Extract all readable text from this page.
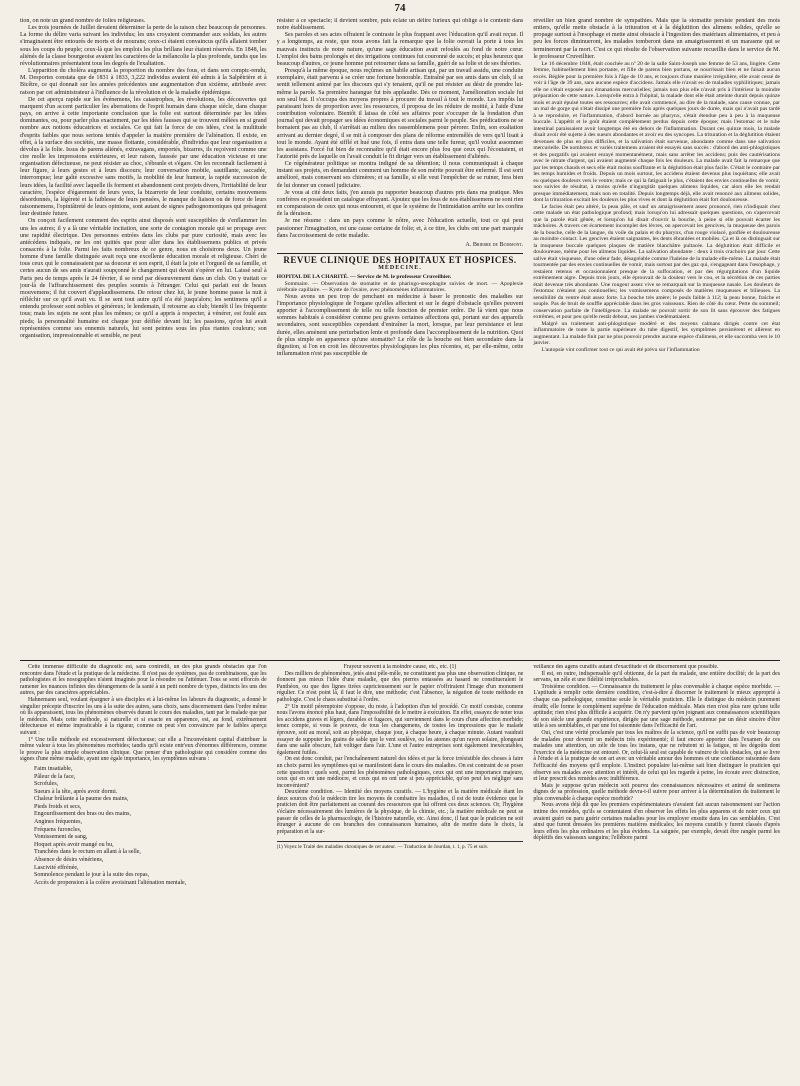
74

tion, on note un grand nombre de folies religieuses.

Les trois journées de Juillet devaient déterminer la perte de la raison chez beaucoup de personnes. La forme du délire varia suivant les individus; les uns croyaient commander aux soldats, les autres s'imaginaient être entourés de morts et de mourans; ceux-ci étaient convaincus qu'ils allaient tomber sous les coups du peuple; ceux-là que les emplois les plus brillans leur étaient réservés. En 1848, les aliénés de la classe bourgeoise avaient les caractères de la mélancolie la plus profonde, tandis que les révolutionnaires présentaient tous les degrés de l'exaltation.

L'apparition du choléra augmenta la proportion du nombre des fous, et dans son comptc-rendu, M. Desportes constata que de 1831 à 1833, 3,222 individus avaient été admis à la Salpêtrière et à Bicêtre, ce qui donnait sur les années précédentes une augmentation d'un sixième, attribuée avec raison par cet administrateur à l'influence de la révolution et de la maladie épidémique.

De cet aperçu rapide sur les événemens, les catastrophes, les révolutions, les découvertes qui marquent d'un accent particulier les aberrations de l'esprit humain dans chaque siècle, dans chaque pays, on arrive à cette importante conclusion que la folie est surtout déterminée par les idées dominantes, ou, pour parler plus exactement, par les idées fausses qui se trouvent mêlées en si grand nombre aux notions éducatrices et sociales. Ce qui fait la force de ces idées, c'est la multitude d'esprits faibles que nous serions tentés d'appeler la matière première de l'aliénation. Il existe, en effet, à la surface des sociétés, une masse flottante, considérable, d'individus que leur organisation a dévolus à la folie. Issus de parens aliénés, extravagans, emportés, bizarres, ils reçoivent comme une cire molle les impressions extérieures, et leur raison, faussée par une éducation vicieuse et une organisation défectueuse, ne peut résister au choc, s'ébranle et s'égare. On les reconnaît facilement à leur figure, à leurs gestes et à leurs discours; leur conversation mobile, sautillante, saccadée, interrompue; leur gaîté excessive sans motifs, la mobilité de leur humeur, la rapide succession de leurs idées, la facilité avec laquelle ils forment et abandonnent cent projets divers, l'irritabilité de leur caractère, l'espèce d'égarement de leurs yeux, la bizarrerie de leur conduite, certains mouvemens désordonnés, la légèreté et la faiblesse de leurs pensées, le manque de liaison ou de force de leurs raisonnemens, l'opiniâtreté de leurs opinions, sont autant de signes pathognomoniques qui présagent leur destinée future.

On conçoit facilement comment des esprits ainsi disposés sont susceptibles de s'enflammer les uns les autres; il y a là une véritable incitation, une sorte de contagion morale qui se propage avec une rapidité électrique. Des personnes entrées dans les clubs par pure curiosité, mais avec les antécédens indiqués, ne les ont quittés que pour aller dans les établissemens publics et privés consacrés à la folie. Parmi les faits nombreux de ce genre, nous en choisirons deux. Un jeune homme d'une famille distinguée avait reçu une excellente éducation morale et religieuse. Chéri de tous ceux qui le connaissaient par sa douceur et son esprit, il était la joie et l'orgueil de sa famille, et certes aucun de ses amis n'aurait soupçonné le changement qui devait s'opérer en lui. Laissé seul à Paris peu de temps après le 24 février, il se rend par désœuvrement dans un club. On y traitait ce jour-là de l'affranchissement des peuples soumis à l'étranger. Celui qui parlait eut de beaux mouvemens; il fut couvert d'applaudissemens. De retour chez lui, le jeune homme passe la nuit à réfléchir sur ce qu'il avait vu. Il se sent tout autre qu'il n'a été jusqu'alors; les sentimens qu'il a entendu professer sont nobles et généreux; le lendemain, il retourne au club; bientôt il les fréquente tous; mais les sujets ne sont plus les mêmes; ce qu'il a appris à respecter, à vénérer, est foulé aux pieds; la personnalité humaine est chaque jour déifiée devant lui; les passions, qu'on lui avait représentées comme ses ennemis naturels, lui sont peintes sous les plus riantes couleurs; son organisation, impressionnable et sensible, ne peut

résister à ce spectacle; il devient sombre, puis éclate un délire furieux qui oblige à le contenir dans notre établissement.

Ses paroles et ses actes offraient le contraste le plus frappant avec l'éducation qu'il avait reçue. Il y a longtemps, au reste, que nous avons fait la remarque que la folie ouvrait la porte à tous les mauvais instincts de notre nature, qu'une sage éducation avait refoulés au fond de notre cœur. L'emploi des bains prolongés et des irrigations continues fut couronné de succès; et plus heureux que beaucoup d'autres, ce jeune homme put retourner dans sa famille, guéri de sa folie et de ses théories.

Presqu'à la même époque, nous reçûmes un habile artisan qui, par un travail assidu, une conduite exemplaire, était parvenu à se créer une fortune honorable. Entraîné par ses amis dans un club, il se sentit tellement animé par les discours qui s'y tenaient, qu'il ne put résister au désir de prendre lui-même la parole. Sa première harangue fut très applaudie. Dès ce moment, l'amélioration sociale fut son seul but. Il s'occupa des moyens propres à procurer du travail à tout le monde. Les impôts lui paraissant hors de proportion avec les ressources, il proposa de les réduire de moitié, à l'aide d'une contribution volontaire. Bientôt il laissa de côté ses affaires pour s'occuper de la fondation d'un journal qui devait propager ses idées économiques et sociales parmi le peuple. Ses prédications ne se bornaient pas au club, il s'arrêtait au milieu des rassemblemens pour pérorer. Enfin, son exaltation arrivant au dernier degré, il se mit à composer des plans de réforme entremêlés de vers qu'il lisait à tout le monde. Ayant été sifflé et hué une fois, il entra dans une telle fureur, qu'il voulut assommer les assistans. Forcé fut bien de reconnaître qu'il était encore plus fou que ceux qui l'écoutaient, et l'autorité près de laquelle on l'avait conduit le fit diriger vers un établissement d'aliénés.

Ce régénérateur politique se montra indigné de sa détention; il nous communiquait à chaque instant ses projets, en demandant comment un homme de son mérite pouvait être enfermé. Il est sorti amélioré, mais conservant ses chimères; et sa famille, si elle veut l'empêcher de se ruiner, fera bien de lui donner un conseil judiciaire.

Je vous ai cité deux faits, j'en aurais pu rapporter beaucoup d'autres pris dans ma pratique. Mes confrères en possèdent un catalogue effrayant. Ajoutez que les fous de nos établissemens ne sont rien en comparaison de ceux qui nous entourent, et que le système de l'intimidation arrête sur les confins de la déraison.

Je me résume : dans un pays comme le nôtre, avec l'éducation actuelle, tout ce qui peut passionner l'imagination, est une cause certaine de folie; et, à ce titre, les clubs ont une part marquée dans l'accroissement de cette maladie.

A. Brierre de Boismont.

REVUE CLINIQUE DES HOPITAUX ET HOSPICES.
MÉDECINE.

HOPITAL DE LA CHARITÉ. — Service de M. le professeur Cruveilhier.

Sommaire. — Observation de stomatite et de pharingo-œsophagite suivies de mort. — Apoplexie cérébrale capillaire. — Kyste de l'ovaire, avec phénomènes inflammatoires.

Nous avons un peu trop de penchant en médecine à baser le pronostic des maladies sur l'importance physiologique de l'organe qu'elles affectent et sur le degré d'obstacle qu'elles peuvent apporter à l'accomplissement de telle ou telle fonction de premier ordre. De là vient que nous sommes habitués à considérer comme peu graves certaines affections qui, portant sur des appareils secondaires, sont susceptibles cependant d'entraîner la mort, lorsque, par leur persistance et leur durée, elles amènent une perturbation lente et profonde dans l'accomplissement de la nutrition. Quoi de plus simple en apparence qu'une stomatite? Le rôle de la bouche est bien secondaire dans la digestion, si l'on en croit les découvertes physiologiques les plus récentes, et, par elle-même, cette inflammation n'est pas susceptible de

réveiller un bien grand nombre de sympathies. Mais que la stomatite persiste pendant des mois entiers, qu'elle mette obstacle à la trituration et à la déglutition des alimens solides, qu'elle se propage surtout à l'œsophage et mette ainsi obstacle à l'ingestion des matériaux alimentaires, et peu à peu les forces diminueront, les malades tomberont dans un amaigrissement et un marasme qui se termineront par la mort. C'est ce qui résulte de l'observation suivante recueillie dans le service de M. le professeur Cruveilhier.

Le 16 décembre 1848, était couchée au nº 20 de la salle Saint-Joseph une femme de 53 ans, lingère. Cette femme, habituellement bien portante, et fille de parens bien portans, se nourrissait bien et ne faisait aucun excès. Réglée pour la première fois à l'âge de 10 ans, et toujours d'une manière irrégulière, elle avait cessé de voir à l'âge de 39 ans, sans aucune espèce d'accidens. Jamais elle n'avait eu de maladies syphilitiques; jamais elle ne s'était exposée aux émanations mercurielles; jamais non plus elle n'avait pris à l'intérieur la moindre préparation de cette nature. Lorsqu'elle entra à l'hôpital, la malade dont elle était atteinte durait depuis quinze mois et avait épuisé toutes ses ressources; elle avait commencé, au dire de la malade, sans cause connue, par un mal de gorge qui s'était dissipé une première fois après quelques jours de durée, mais qui n'avait pas tardé à se reproduire, et l'inflammation, d'abord bornée au pharynx, s'était étendue peu à peu à la muqueuse buccale. L'appétit et le goût étaient complètement perdus depuis cette époque; mais l'estomac et le tube intestinal paraissaient avoir longtemps été en dehors de l'inflammation. Durant ces quinze mois, la malade disait avoir été sujette à des sueurs abondantes et avoir eu des syncopes. La trituration et la déglutition étaient devenues de plus en plus difficiles, et la salivation était survenue, abondante comme dans une salivation mercurielle. De nombreux et variés traitemens avaient été essayés sans succès : d'abord des anti-phlogistiques et des purgatifs qui avaient enrayé momentanément, mais sans arrêter les accidens; puis des cautérisations avec le nitrate d'argent, qui avaient augmenté chaque fois les douleurs. La malade avait fait la remarque que par les temps chauds et secs elle était moins souffrante et la déglutition était plus facile. C'était le contraire par les temps humides et froids. Depuis un mois surtout, les accidens étaient devenus plus inquiétans; elle avait eu quelques douleurs vers le ventre; mais ce qui la fatiguait le plus, c'étaient des envies continuelles de vomir, non suivies de résultat, à moins qu'elle n'ingurgitât quelques alimens liquides, car alors elle les rendait presque immédiatement, mais non en totalité. Depuis longtemps déjà, elle avait renoncé aux alimens solides, dont la trituration excitait les douleurs les plus vives et dont la déglutition était fort douloureuse.

Le facies était peu altéré, la peau pâle, et sauf un amaigrissement assez prononcé, rien n'indiquait chez cette malade un état pathologique profond; mais lorsqu'on lui adressait quelques questions, on s'apercevait que la parole était gênée, et lorsqu'on lui disait d'ouvrir la bouche, à peine si elle pouvait écarter les mâchoires. A travers cet écartement incomplet des lèvres, on apercevait les gencives, la muqueuse des parois de la bouche, celle de la langue, du voile du palais et du pharynx, d'un rouge violacé, gonflée et douloureuse au moindre contact. Les gencives étaient saignantes, les dents ébranlées et mobiles. Ça et là on distinguait sur la muqueuse buccale quelques plaques de matière blanchâtre pultacée. La déglutition était difficile et douloureuse, même pour les alimens liquides. La salivation abondante : deux à trois crachoirs par jour. Cette salive était visqueuse, d'une odeur fade, désagréable comme l'haleine de la malade elle-même. La malade était tourmentée par des envies continuelles de vomir, mais surtout par des gaz qui, s'engageant dans l'œsophage, y restaient retenus et occasionnaient presque de la suffocation, et par des régurgitations d'un liquide extrêmement aigre. Depuis trois jours, elle éprouvait de la douleur vers le cou, et la sécrétion de ces parties était devenue très abondante. Une rougeur assez vive se remarquait sur la muqueuse nasale. Les douleurs de l'estomac n'étaient pas continuelles; les vomissemens composés de matières muqueuses et bilieuses. La sensibilité du ventre était assez forte. La bouche très amère; le pouls faible à 112; la peau bonne, fraîche et souple. Pas de bruit de souffle appréciable dans les gros vaisseaux. Rien de côté du cœur. Perte du sommeil; conservation parfaite de l'intelligence. La malade ne pouvait sortir de son lit sans éprouver des fatigues extrêmes, et pour peu qu'elle restât debout, ses jambes s'œdématiaient.

Malgré un traitement anti-phlogistique modéré et des moyens calmans dirigés contre cet état inflammatoire de toute la partie supérieure du tube digestif, les symptômes persistèrent et allèrent en augmentant. La malade finit par ne plus pouvoir prendre aucune espèce d'alimens, et elle succomba vers le 10 janvier.

L'autopsie vint confirmer tout ce qui avait été prévu sur l'inflammation

Cette immense difficulté du diagnostic est, sans contredit, un des plus grands obstacles que l'on rencontre dans l'étude et la pratique de la médecine. Il n'est pas de systèmes, pas de combinaisons, que les pathologistes et les nosographes n'aient imaginés pour la résoudre ou l'atténuer. Tous se sont efforcés de ramener les nuances infinies des dérangemens de la santé à un petit nombre de types, distincts les uns des autres, par des caractères appréciables.

Hahnemann seul, voulant épargner à ses disciples et à lui-même les labeurs du diagnostic, a donné le singulier précepte d'inscrire les uns à la suite des autres, sans choix, sans discernement dans l'ordre même où ils apparaissent, tous les phénomènes observés durant le cours des maladies, tant par le malade que par le médecin. Mais cette méthode, si naturelle et si exacte en apparence, est, au fond, extrêmement défectueuse et même impraticable à la rigueur, comme on peut s'en convaincre par le faibles aperçu suivant :

1º Une telle méthode est excessivement défectueuse; car elle a l'inconvénient capital d'attribuer la même valeur à tous les phénomènes morbides; tandis qu'il existe entr'eux d'énormes différences, comme le prouve la plus simple observation clinique. Que penser d'un pathologiste qui considère comme des signes d'une même maladie, ayant une égale importance, les symptômes suivans :

Faim insatiable,
Pâleur de la face,
Scrofules,
Sueurs à la tête, après avoir dormi.
Chaleur brûlante à la paume des mains,
Pieds froids et secs,
Engourdissement des bras ou des mains,
Angines fréquentes,
Fréquens furoncles,
Vomissement de sang,
Hoquet après avoir mangé ou bu,
Tranchées dans le rectum en allant à la selle,
Absence de désirs vénériens,
Lascivité effrénée,
Somnolence pendant le jour à la suite des repas,
Accès de propension à la colère avoisinant l'aliénation mentale,

Frayeur souvent à la moindre cause, etc., etc. (1)

Des milliers de phénomènes, jetés ainsi pêle-mêle, ne constituent pas plus une observation clinique, ne donnent pas mieux l'idée d'une maladie, que des pierres entassées au hasard ne constitueraient le Panthéon, ou que des lignes tirées capricieusement sur le papier n'offriraient l'image d'un monument régulier. Ce n'est point là, il faut le dire, une méthode; c'est l'absence, la négation de toute méthode en pathologie. C'est le chaos substitué à l'ordre.

2º Un motif péremptoire s'oppose, du reste, à l'adoption d'un tel procédé. Ce motif consiste, comme nous l'avons énoncé plus haut, dans l'impossibilité de le mettre à exécution. En effet, essayez de noter tous les accidens graves et légers, durables et fugaces, qui surviennent dans le cours d'une affection morbide; tenez compte, si vous le pouvez, de tous les changemens, de toutes les impressions que le malade éprouve, soit au moral, soit au physique, chaque jour, à chaque heure, à chaque minute. Autant vaudrait essayer de supputer les grains de sable que le vent soulève, ou les atomes qu'un rayon solaire, plongeant dans une salle obscure, fait voltiger dans l'air. L'une et l'autre entreprises sont également inexécutables, également futiles.

On est donc conduit, par l'enchaînement naturel des idées et par la force irrésistible des choses à faire un choix parmi les symptômes qui se manifestent dans le cours des maladies. On est contraint de se poser cette question : quels sont, parmi les phénomènes pathologiques, ceux qui ont une importance majeure, ceux qui en ont une médiocre, et ceux qui en ont une si peu appréciable, qu'on peut les négliger sans inconvénient?

Deuxième condition. — Identité des moyens curatifs. — L'hygiène et la matière médicale étant les deux sources d'où le médecin tire les moyens de combattre les maladies, il est de toute évidence que le praticien doit être parfaitement au courant des ressources que lui offrent ces deux sciences. Or, l'hygiène s'éclaire nécessairement des lumières de la physique, de la chimie, etc.; la matière médicale ne peut se passer de celles de la pharmacologie, de l'histoire naturelle, etc. Ainsi donc, il faut que le praticien ne soit étranger à aucune de ces branches des connaissances humaines, afin de mettre dans le choix, la préparation et la sur-

(1) Voyez le Traité des maladies chroniques de cet auteur. — Traduction de Jourdan, t. 1, p. 75 et suiv.

veillance des agens curatifs autant d'exactitude et de discernement que possible.

Il est, en outre, indispensable qu'il obtienne, de la part du malade, une entière docilité; de la part des servans, un zèle et une fidélité irréprochables.

Troisième condition. — Connaissance du traitement le plus convenable à chaque espèce morbide. — L'aptitude à remplir cette dernière condition, c'est-à-dire à discerner le traitement le mieux approprié à chaque cas pathologique, constitue seule le véritable praticien. Elle le distingue du médecin purement érudit; elle forme le complément suprême de l'éducation médicale. Mais rien n'est plus rare qu'une telle aptitude; rien n'est plus difficile à acquérir. On n'y parvient qu'en joignant aux connaissances scientifiques de son siècle une grande expérience, dirigée par une sage méthode, soutenue par un désir sincère d'être utile à ses semblables, et par une foi raisonnée dans l'efficacité de l'art.

Oui, c'est une vérité proclamée par tous les maîtres de la science, qu'il ne suffit pas de voir beaucoup de malades pour devenir un médecin très expérimenté; il faut encore apporter dans l'examen de ces malades une attention, un zèle de tous les instans, que ne rebutent ni la fatigue, ni les dégoûts dont l'exercice de la médecine est entouré. Or, celui-là seul est capable de vaincre de tels obstacles, qui se livre à l'étude et à la pratique de son art avec un véritable amour des hommes et une confiance raisonnée dans l'efficacité des moyens qu'il emploie. L'instinct populaire lui-même sait bien distinguer le praticien qui observe ses malades avec attention et intérêt, de celui qui les regarde à peine, les écoute avec distraction, et leur prescrit des remèdes avec indifférence.

Mais je suppose qu'un médecin soit pourvu des connaissances nécessaires et animé de sentimens dignes de sa profession, quelle méthode devra-t-il suivre pour arriver à la détermination du traitement le plus convenable à chaque espèce morbide?

Nous avons déjà dit que les premiers expérimentateurs n'avaient fait aucun raisonnement sur l'action intime des remèdes, qu'ils se contentaient d'en observer les effets les plus apparens et de noter ceux qui avaient guéri ou paru guérir certaines maladies pour les employer ensuite dans les cas semblables. C'est ainsi que furent dressées les premières matières médicales; les moyens curatifs y furent classés d'après leurs effets les plus ordinaires et les plus évidens. La saignée, par exemple, devait être rangée parmi les déplétifs des vaisseaux sanguins; l'ellébore parmi
